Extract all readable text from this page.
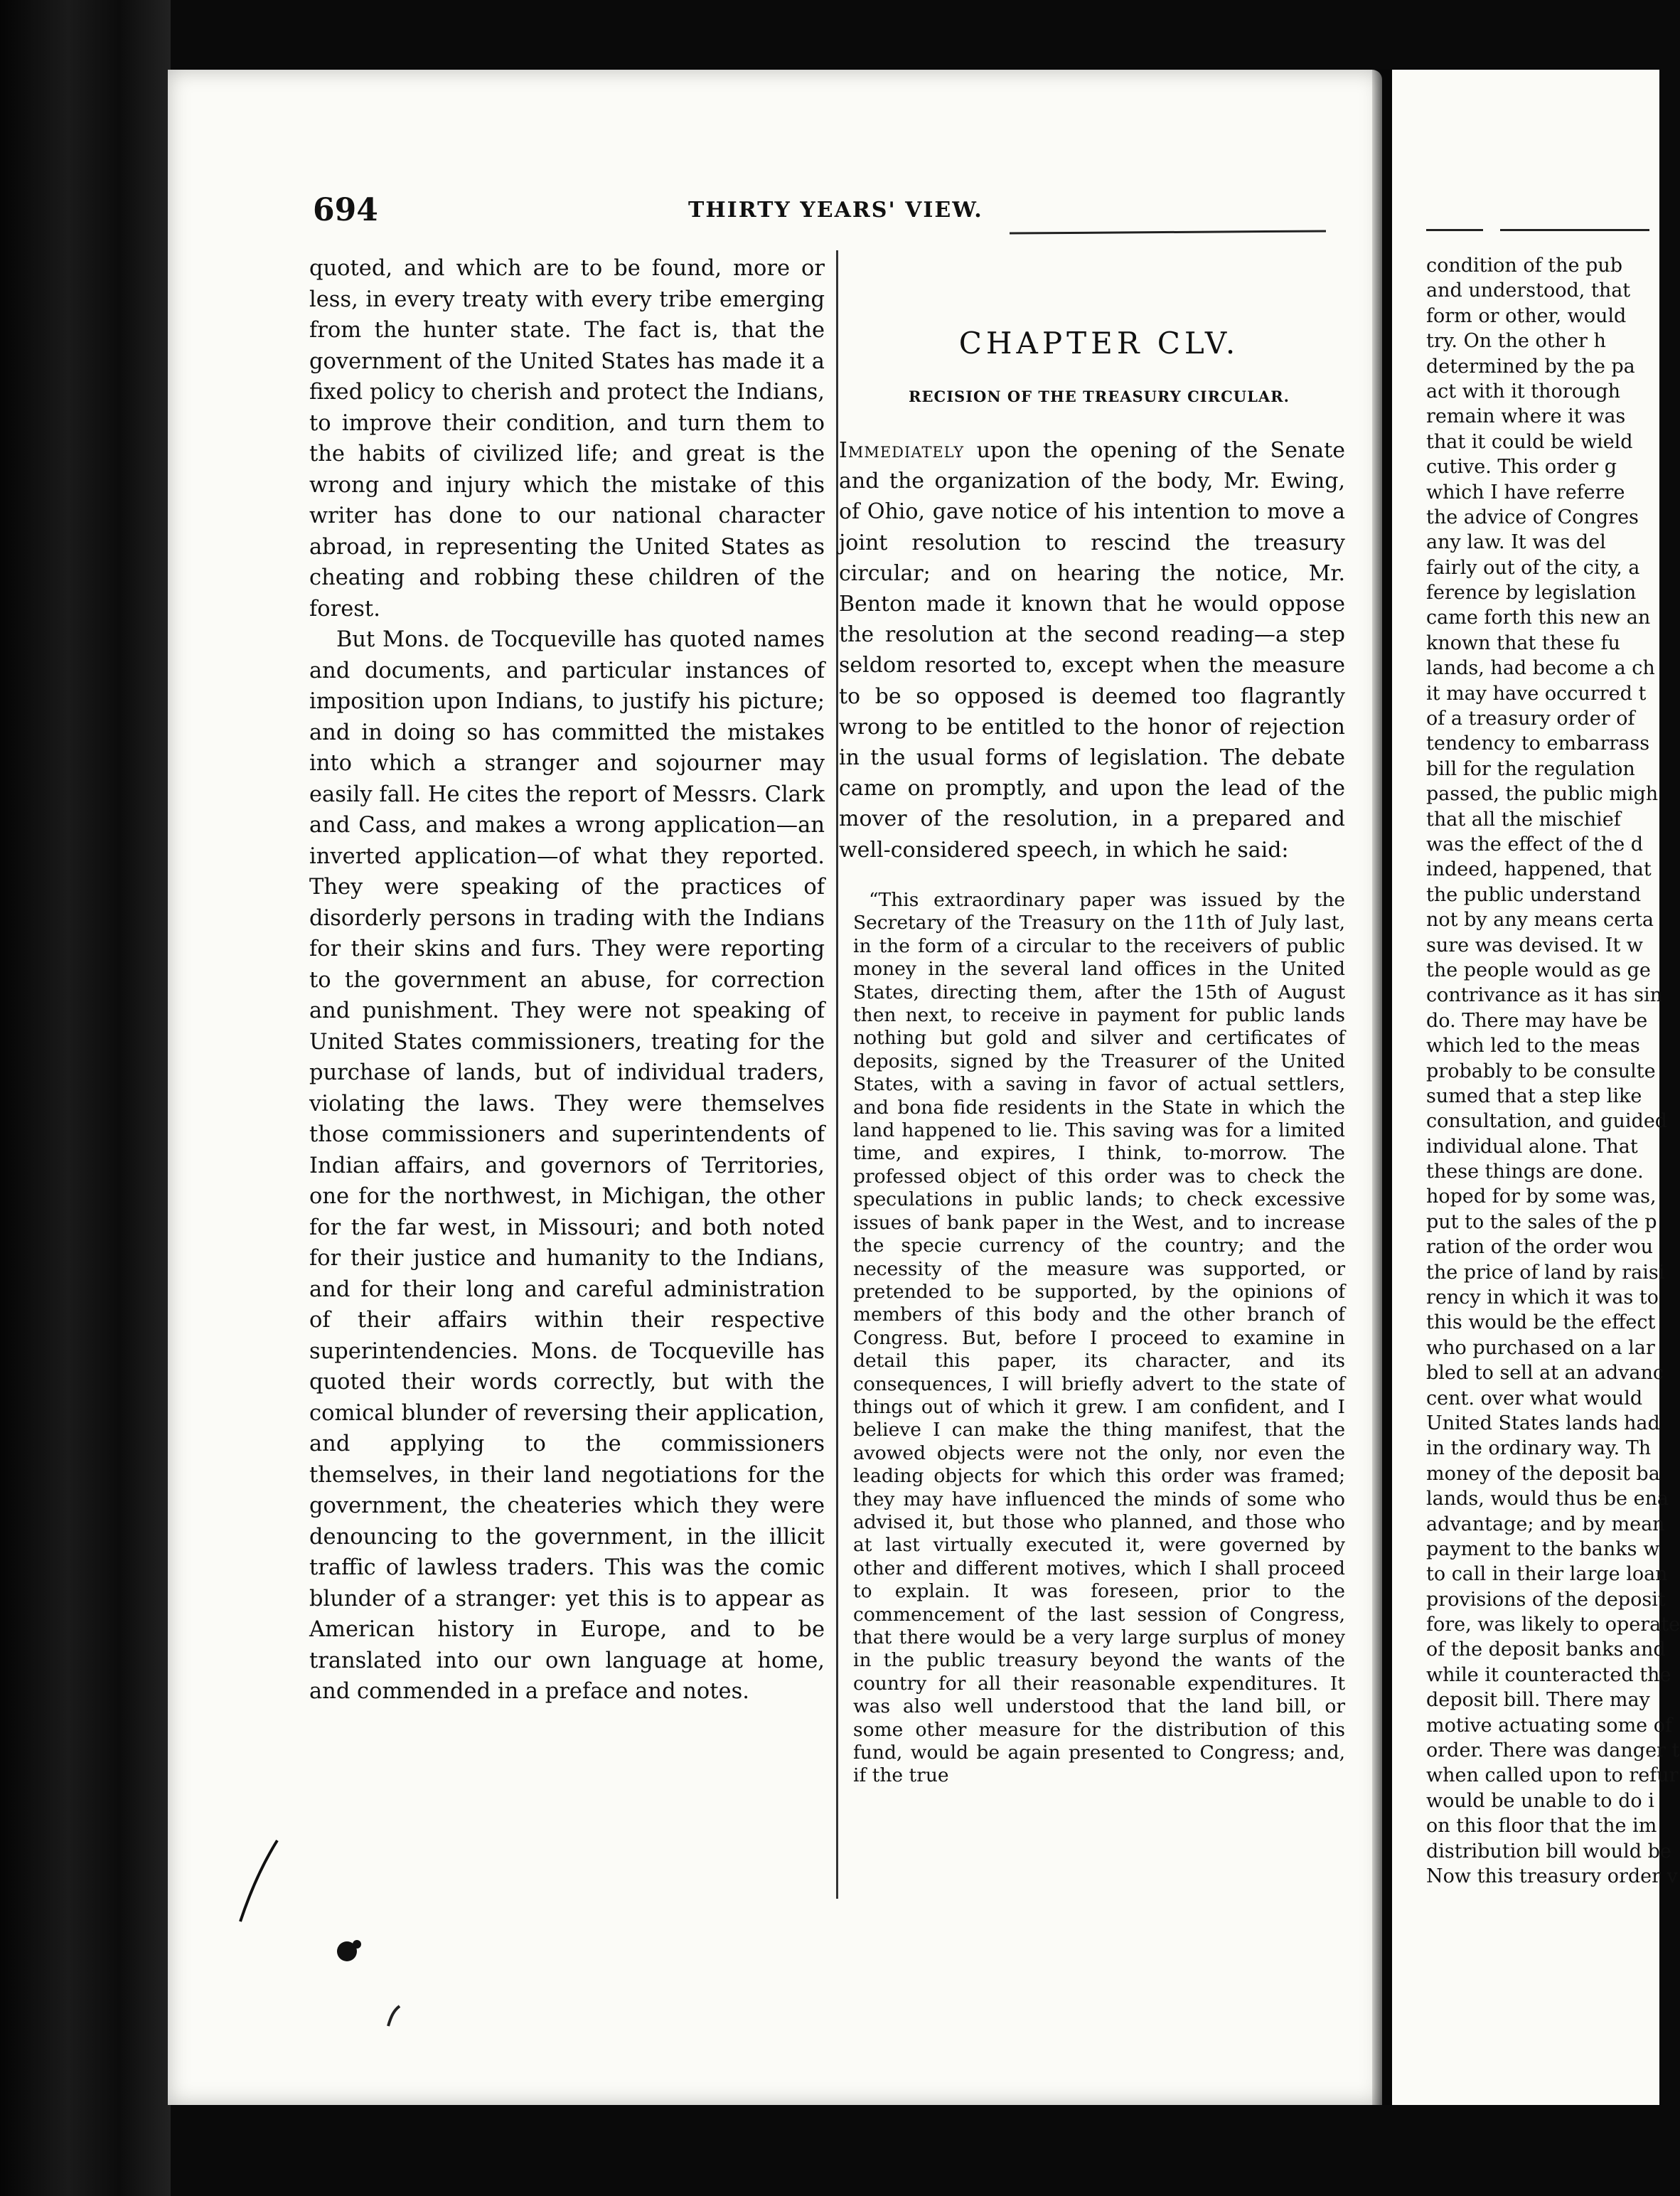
694	THIRTY YEARS' VIEW.

quoted, and which are to be found, more or less, in every treaty with every tribe emerging from the hunter state. The fact is, that the government of the United States has made it a fixed policy to cherish and protect the Indians, to improve their condition, and turn them to the habits of civilized life; and great is the wrong and injury which the mistake of this writer has done to our national character abroad, in representing the United States as cheating and robbing these children of the forest.

But Mons. de Tocqueville has quoted names and documents, and particular instances of imposition upon Indians, to justify his picture; and in doing so has committed the mistakes into which a stranger and sojourner may easily fall. He cites the report of Messrs. Clark and Cass, and makes a wrong application—an inverted application—of what they reported. They were speaking of the practices of disorderly persons in trading with the Indians for their skins and furs. They were reporting to the government an abuse, for correction and punishment. They were not speaking of United States commissioners, treating for the purchase of lands, but of individual traders, violating the laws. They were themselves those commissioners and superintendents of Indian affairs, and governors of Territories, one for the northwest, in Michigan, the other for the far west, in Missouri; and both noted for their justice and humanity to the Indians, and for their long and careful administration of their affairs within their respective superintendencies. Mons. de Tocqueville has quoted their words correctly, but with the comical blunder of reversing their application, and applying to the commissioners themselves, in their land negotiations for the government, the cheateries which they were denouncing to the government, in the illicit traffic of lawless traders. This was the comic blunder of a stranger: yet this is to appear as American history in Europe, and to be translated into our own language at home, and commended in a preface and notes.

CHAPTER CLV.
RECISION OF THE TREASURY CIRCULAR.

Immediately upon the opening of the Senate and the organization of the body, Mr. Ewing, of Ohio, gave notice of his intention to move a joint resolution to rescind the treasury circular; and on hearing the notice, Mr. Benton made it known that he would oppose the resolution at the second reading—a step seldom resorted to, except when the measure to be so opposed is deemed too flagrantly wrong to be entitled to the honor of rejection in the usual forms of legislation. The debate came on promptly, and upon the lead of the mover of the resolution, in a prepared and well-considered speech, in which he said:

“This extraordinary paper was issued by the Secretary of the Treasury on the 11th of July last, in the form of a circular to the receivers of public money in the several land offices in the United States, directing them, after the 15th of August then next, to receive in payment for public lands nothing but gold and silver and certificates of deposits, signed by the Treasurer of the United States, with a saving in favor of actual settlers, and bona fide residents in the State in which the land happened to lie. This saving was for a limited time, and expires, I think, to-morrow. The professed object of this order was to check the speculations in public lands; to check excessive issues of bank paper in the West, and to increase the specie currency of the country; and the necessity of the measure was supported, or pretended to be supported, by the opinions of members of this body and the other branch of Congress. But, before I proceed to examine in detail this paper, its character, and its consequences, I will briefly advert to the state of things out of which it grew. I am confident, and I believe I can make the thing manifest, that the avowed objects were not the only, nor even the leading objects for which this order was framed; they may have influenced the minds of some who advised it, but those who planned, and those who at last virtually executed it, were governed by other and different motives, which I shall proceed to explain. It was foreseen, prior to the commencement of the last session of Congress, that there would be a very large surplus of money in the public treasury beyond the wants of the country for all their reasonable expenditures. It was also well understood that the land bill, or some other measure for the distribution of this fund, would be again presented to Congress; and, if the true

condition of the pub
and understood, that
form or other, would
try. On the other h
determined by the pa
act with it thorough
remain where it was
that it could be wield
cutive. This order g
which I have referre
the advice of Congres
any law. It was del
fairly out of the city, a
ference by legislation
came forth this new an
known that these fu
lands, had become a ch
it may have occurred t
of a treasury order of
tendency to embarrass
bill for the regulation
passed, the public migh
that all the mischief
was the effect of the d
indeed, happened, that
the public understand
not by any means certa
sure was devised. It w
the people would as ge
contrivance as it has sin
do. There may have be
which led to the meas
probably to be consulte
sumed that a step like
consultation, and guided
individual alone. That
these things are done.
hoped for by some was,
put to the sales of the p
ration of the order wou
the price of land by raisi
rency in which it was to
this would be the effect
who purchased on a lar
bled to sell at an advanc
cent. over what would
United States lands had
in the ordinary way. Th
money of the deposit ba
lands, would thus be ena
advantage; and by mean
payment to the banks w
to call in their large loan
provisions of the deposit
fore, was likely to operate
of the deposit banks and
while it counteracted the
deposit bill. There may
motive actuating some of
order. There was danger t
when called upon to refur
would be unable to do i
on this floor that the im
distribution bill would be
Now this treasury order v
